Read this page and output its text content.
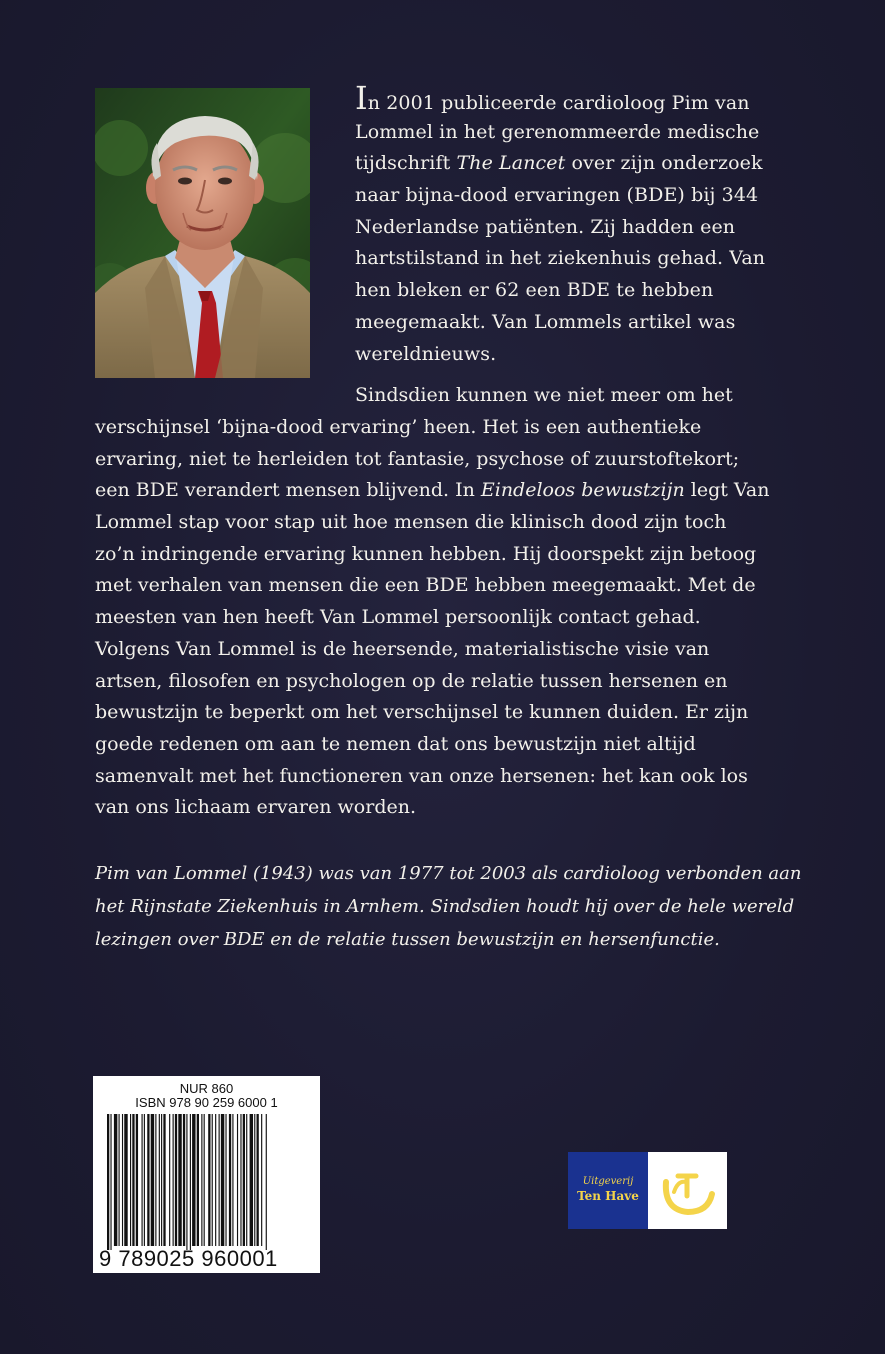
In 2001 publiceerde cardioloog Pim van
Lommel in het gerenommeerde medische
tijdschrift The Lancet over zijn onderzoek
naar bijna-dood ervaringen (BDE) bij 344
Nederlandse patiënten. Zij hadden een
hartstilstand in het ziekenhuis gehad. Van
hen bleken er 62 een BDE te hebben
meegemaakt. Van Lommels artikel was
wereldnieuws.
Sindsdien kunnen we niet meer om het
verschijnsel ‘bijna-dood ervaring’ heen. Het is een authentieke
ervaring, niet te herleiden tot fantasie, psychose of zuurstoftekort;
een BDE verandert mensen blijvend. In Eindeloos bewustzijn legt Van
Lommel stap voor stap uit hoe mensen die klinisch dood zijn toch
zo’n indringende ervaring kunnen hebben. Hij doorspekt zijn betoog
met verhalen van mensen die een BDE hebben meegemaakt. Met de
meesten van hen heeft Van Lommel persoonlijk contact gehad.
Volgens Van Lommel is de heersende, materialistische visie van
artsen, filosofen en psychologen op de relatie tussen hersenen en
bewustzijn te beperkt om het verschijnsel te kunnen duiden. Er zijn
goede redenen om aan te nemen dat ons bewustzijn niet altijd
samenvalt met het functioneren van onze hersenen: het kan ook los
van ons lichaam ervaren worden.
Pim van Lommel (1943) was van 1977 tot 2003 als cardioloog verbonden aan
het Rijnstate Ziekenhuis in Arnhem. Sindsdien houdt hij over de hele wereld
lezingen over BDE en de relatie tussen bewustzijn en hersenfunctie.
NUR 860
ISBN 978 90 259 6000 1
9 789025 960001
Uitgeverij
Ten Have
